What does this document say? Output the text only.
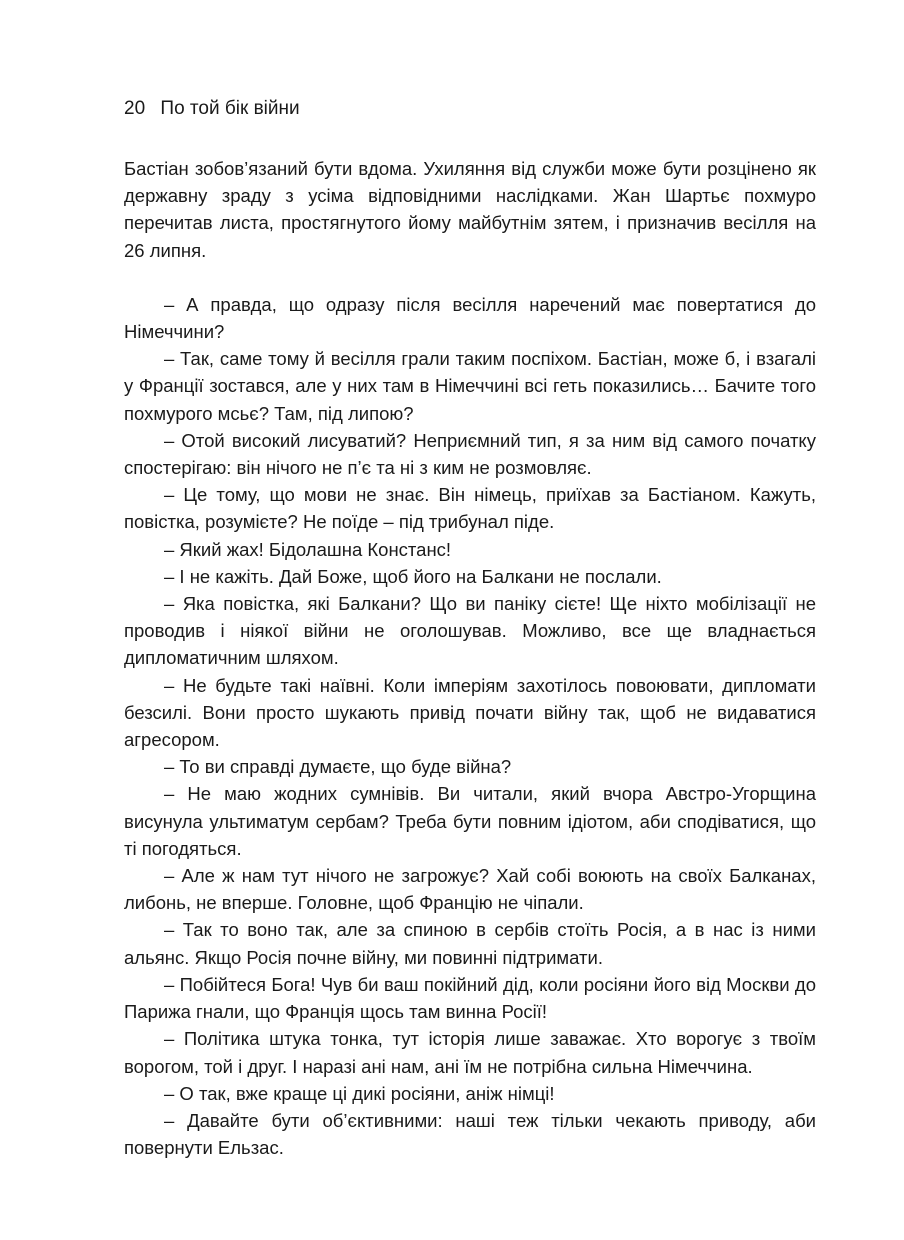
20 По той бік війни

Бастіан зобов’язаний бути вдома. Ухиляння від служби може бути розцінено як державну зраду з усіма відповідними наслідками. Жан Шартьє похмуро перечитав листа, простягнутого йому майбутнім зятем, і призначив весілля на 26 липня.

– А правда, що одразу після весілля наречений має повертатися до Німеччини?

– Так, саме тому й весілля грали таким поспіхом. Бастіан, може б, і взагалі у Франції зостався, але у них там в Німеччині всі геть показились… Бачите того похмурого мсьє? Там, під липою?

– Отой високий лисуватий? Неприємний тип, я за ним від самого початку спостерігаю: він нічого не п’є та ні з ким не розмовляє.

– Це тому, що мови не знає. Він німець, приїхав за Бастіаном. Кажуть, повістка, розумієте? Не поїде – під трибунал піде.

– Який жах! Бідолашна Констанс!

– І не кажіть. Дай Боже, щоб його на Балкани не послали.

– Яка повістка, які Балкани? Що ви паніку сієте! Ще ніхто мобілізації не проводив і ніякої війни не оголошував. Можливо, все ще владнається дипломатичним шляхом.

– Не будьте такі наївні. Коли імперіям захотілось повоювати, дипломати безсилі. Вони просто шукають привід почати війну так, щоб не видаватися агресором.

– То ви справді думаєте, що буде війна?

– Не маю жодних сумнівів. Ви читали, який вчора Австро-Угорщина висунула ультиматум сербам? Треба бути повним ідіотом, аби сподіватися, що ті погодяться.

– Але ж нам тут нічого не загрожує? Хай собі воюють на своїх Балканах, либонь, не вперше. Головне, щоб Францію не чіпали.

– Так то воно так, але за спиною в сербів стоїть Росія, а в нас із ними альянс. Якщо Росія почне війну, ми повинні підтримати.

– Побійтеся Бога! Чув би ваш покійний дід, коли росіяни його від Москви до Парижа гнали, що Франція щось там винна Росії!

– Політика штука тонка, тут історія лише заважає. Хто ворогує з твоїм ворогом, той і друг. І наразі ані нам, ані їм не потрібна сильна Німеччина.

– О так, вже краще ці дикі росіяни, аніж німці!

– Давайте бути об’єктивними: наші теж тільки чекають приводу, аби повернути Ельзас.
